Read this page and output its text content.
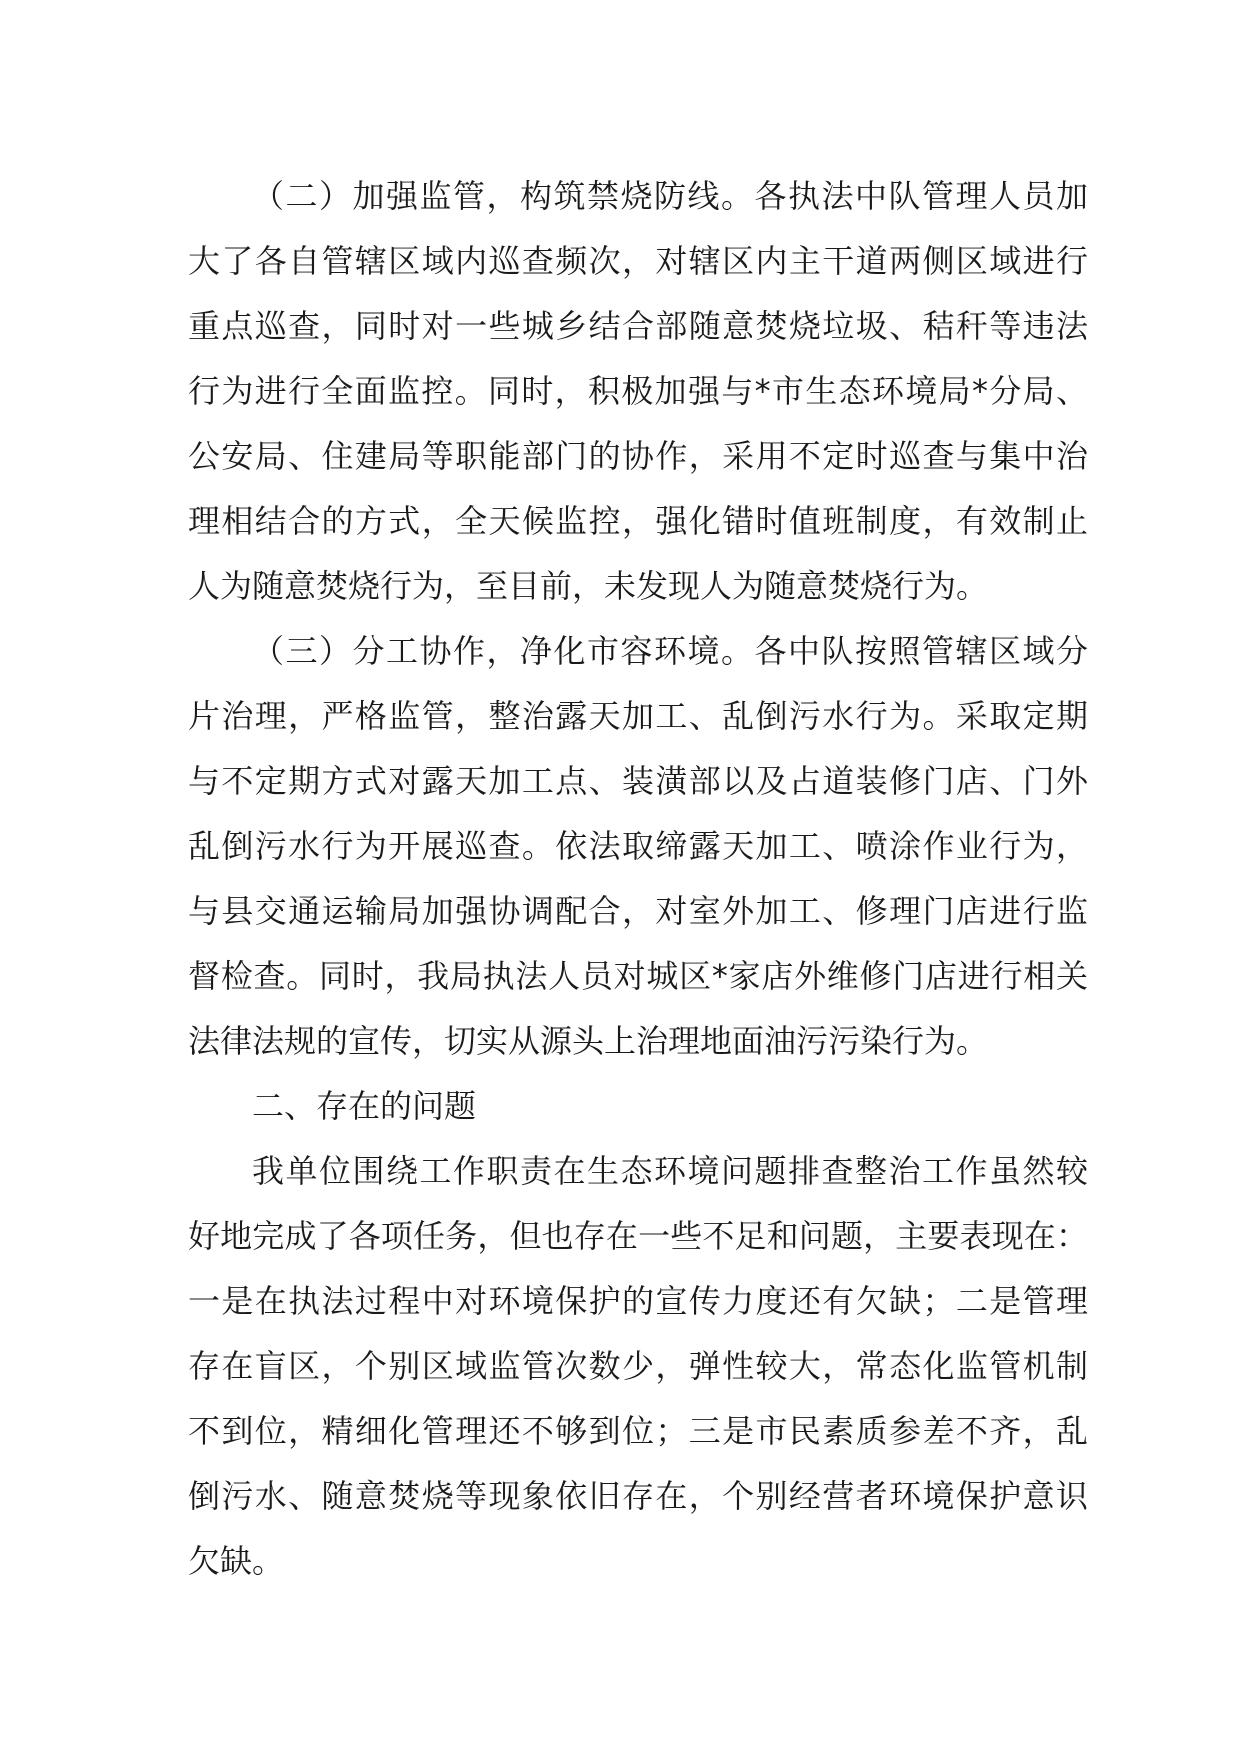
（二）加强监管，构筑禁烧防线。各执法中队管理人员加
大了各自管辖区域内巡查频次，对辖区内主干道两侧区域进行
重点巡查，同时对一些城乡结合部随意焚烧垃圾、秸秆等违法
行为进行全面监控。同时，积极加强与*市生态环境局*分局、
公安局、住建局等职能部门的协作，采用不定时巡查与集中治
理相结合的方式，全天候监控，强化错时值班制度，有效制止
人为随意焚烧行为，至目前，未发现人为随意焚烧行为。
（三）分工协作，净化市容环境。各中队按照管辖区域分
片治理，严格监管，整治露天加工、乱倒污水行为。采取定期
与不定期方式对露天加工点、装潢部以及占道装修门店、门外
乱倒污水行为开展巡查。依法取缔露天加工、喷涂作业行为，
与县交通运输局加强协调配合，对室外加工、修理门店进行监
督检查。同时，我局执法人员对城区*家店外维修门店进行相关
法律法规的宣传，切实从源头上治理地面油污污染行为。
二、存在的问题
我单位围绕工作职责在生态环境问题排查整治工作虽然较
好地完成了各项任务，但也存在一些不足和问题，主要表现在：
一是在执法过程中对环境保护的宣传力度还有欠缺；二是管理
存在盲区，个别区域监管次数少，弹性较大，常态化监管机制
不到位，精细化管理还不够到位；三是市民素质参差不齐，乱
倒污水、随意焚烧等现象依旧存在，个别经营者环境保护意识
欠缺。
